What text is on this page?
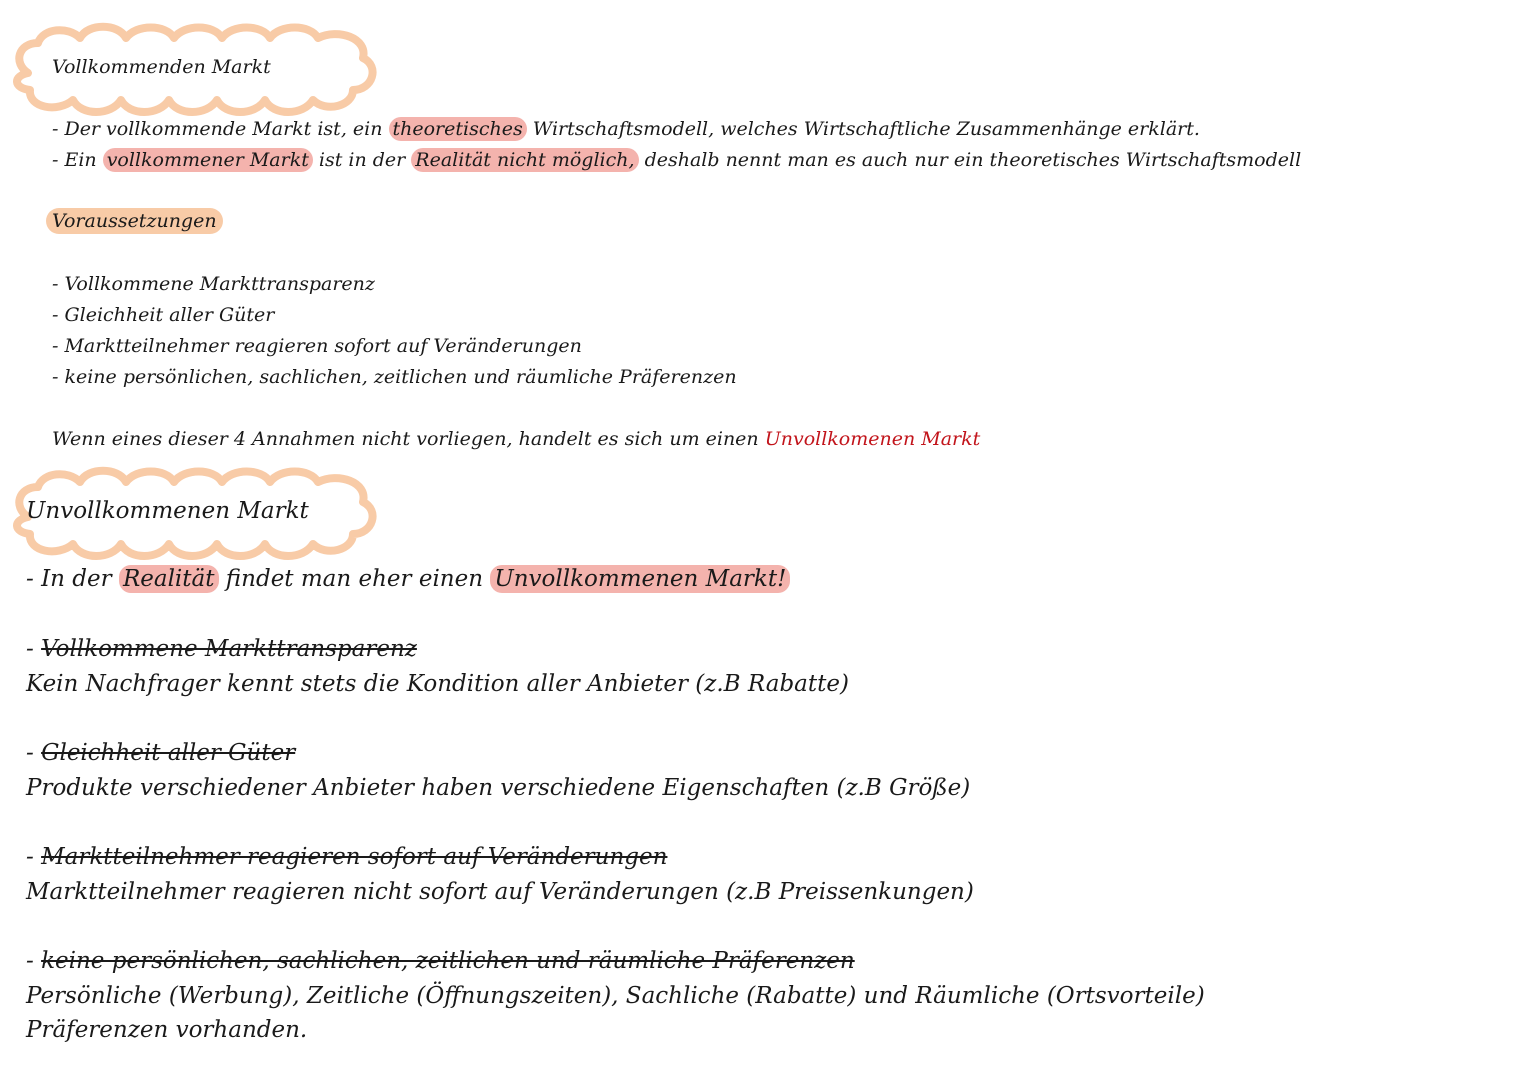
Vollkommenden Markt
- Der vollkommende Markt ist, ein theoretisches Wirtschaftsmodell, welches Wirtschaftliche Zusammenhänge erklärt.
- Ein vollkommener Markt ist in der Realität nicht möglich, deshalb nennt man es auch nur ein theoretisches Wirtschaftsmodell
Voraussetzungen
- Vollkommene Markttransparenz
- Gleichheit aller Güter
- Marktteilnehmer reagieren sofort auf Veränderungen
- keine persönlichen, sachlichen, zeitlichen und räumliche Präferenzen
Wenn eines dieser 4 Annahmen nicht vorliegen, handelt es sich um einen Unvollkomenen Markt
Unvollkommenen Markt
- In der Realität findet man eher einen Unvollkommenen Markt!
- Vollkommene Markttransparenz
Kein Nachfrager kennt stets die Kondition aller Anbieter (z.B Rabatte)
- Gleichheit aller Güter
Produkte verschiedener Anbieter haben verschiedene Eigenschaften (z.B Größe)
- Marktteilnehmer reagieren sofort auf Veränderungen
Marktteilnehmer reagieren nicht sofort auf Veränderungen (z.B Preissenkungen)
- keine persönlichen, sachlichen, zeitlichen und räumliche Präferenzen
Persönliche (Werbung), Zeitliche (Öffnungszeiten), Sachliche (Rabatte) und Räumliche (Ortsvorteile)
Präferenzen vorhanden.
